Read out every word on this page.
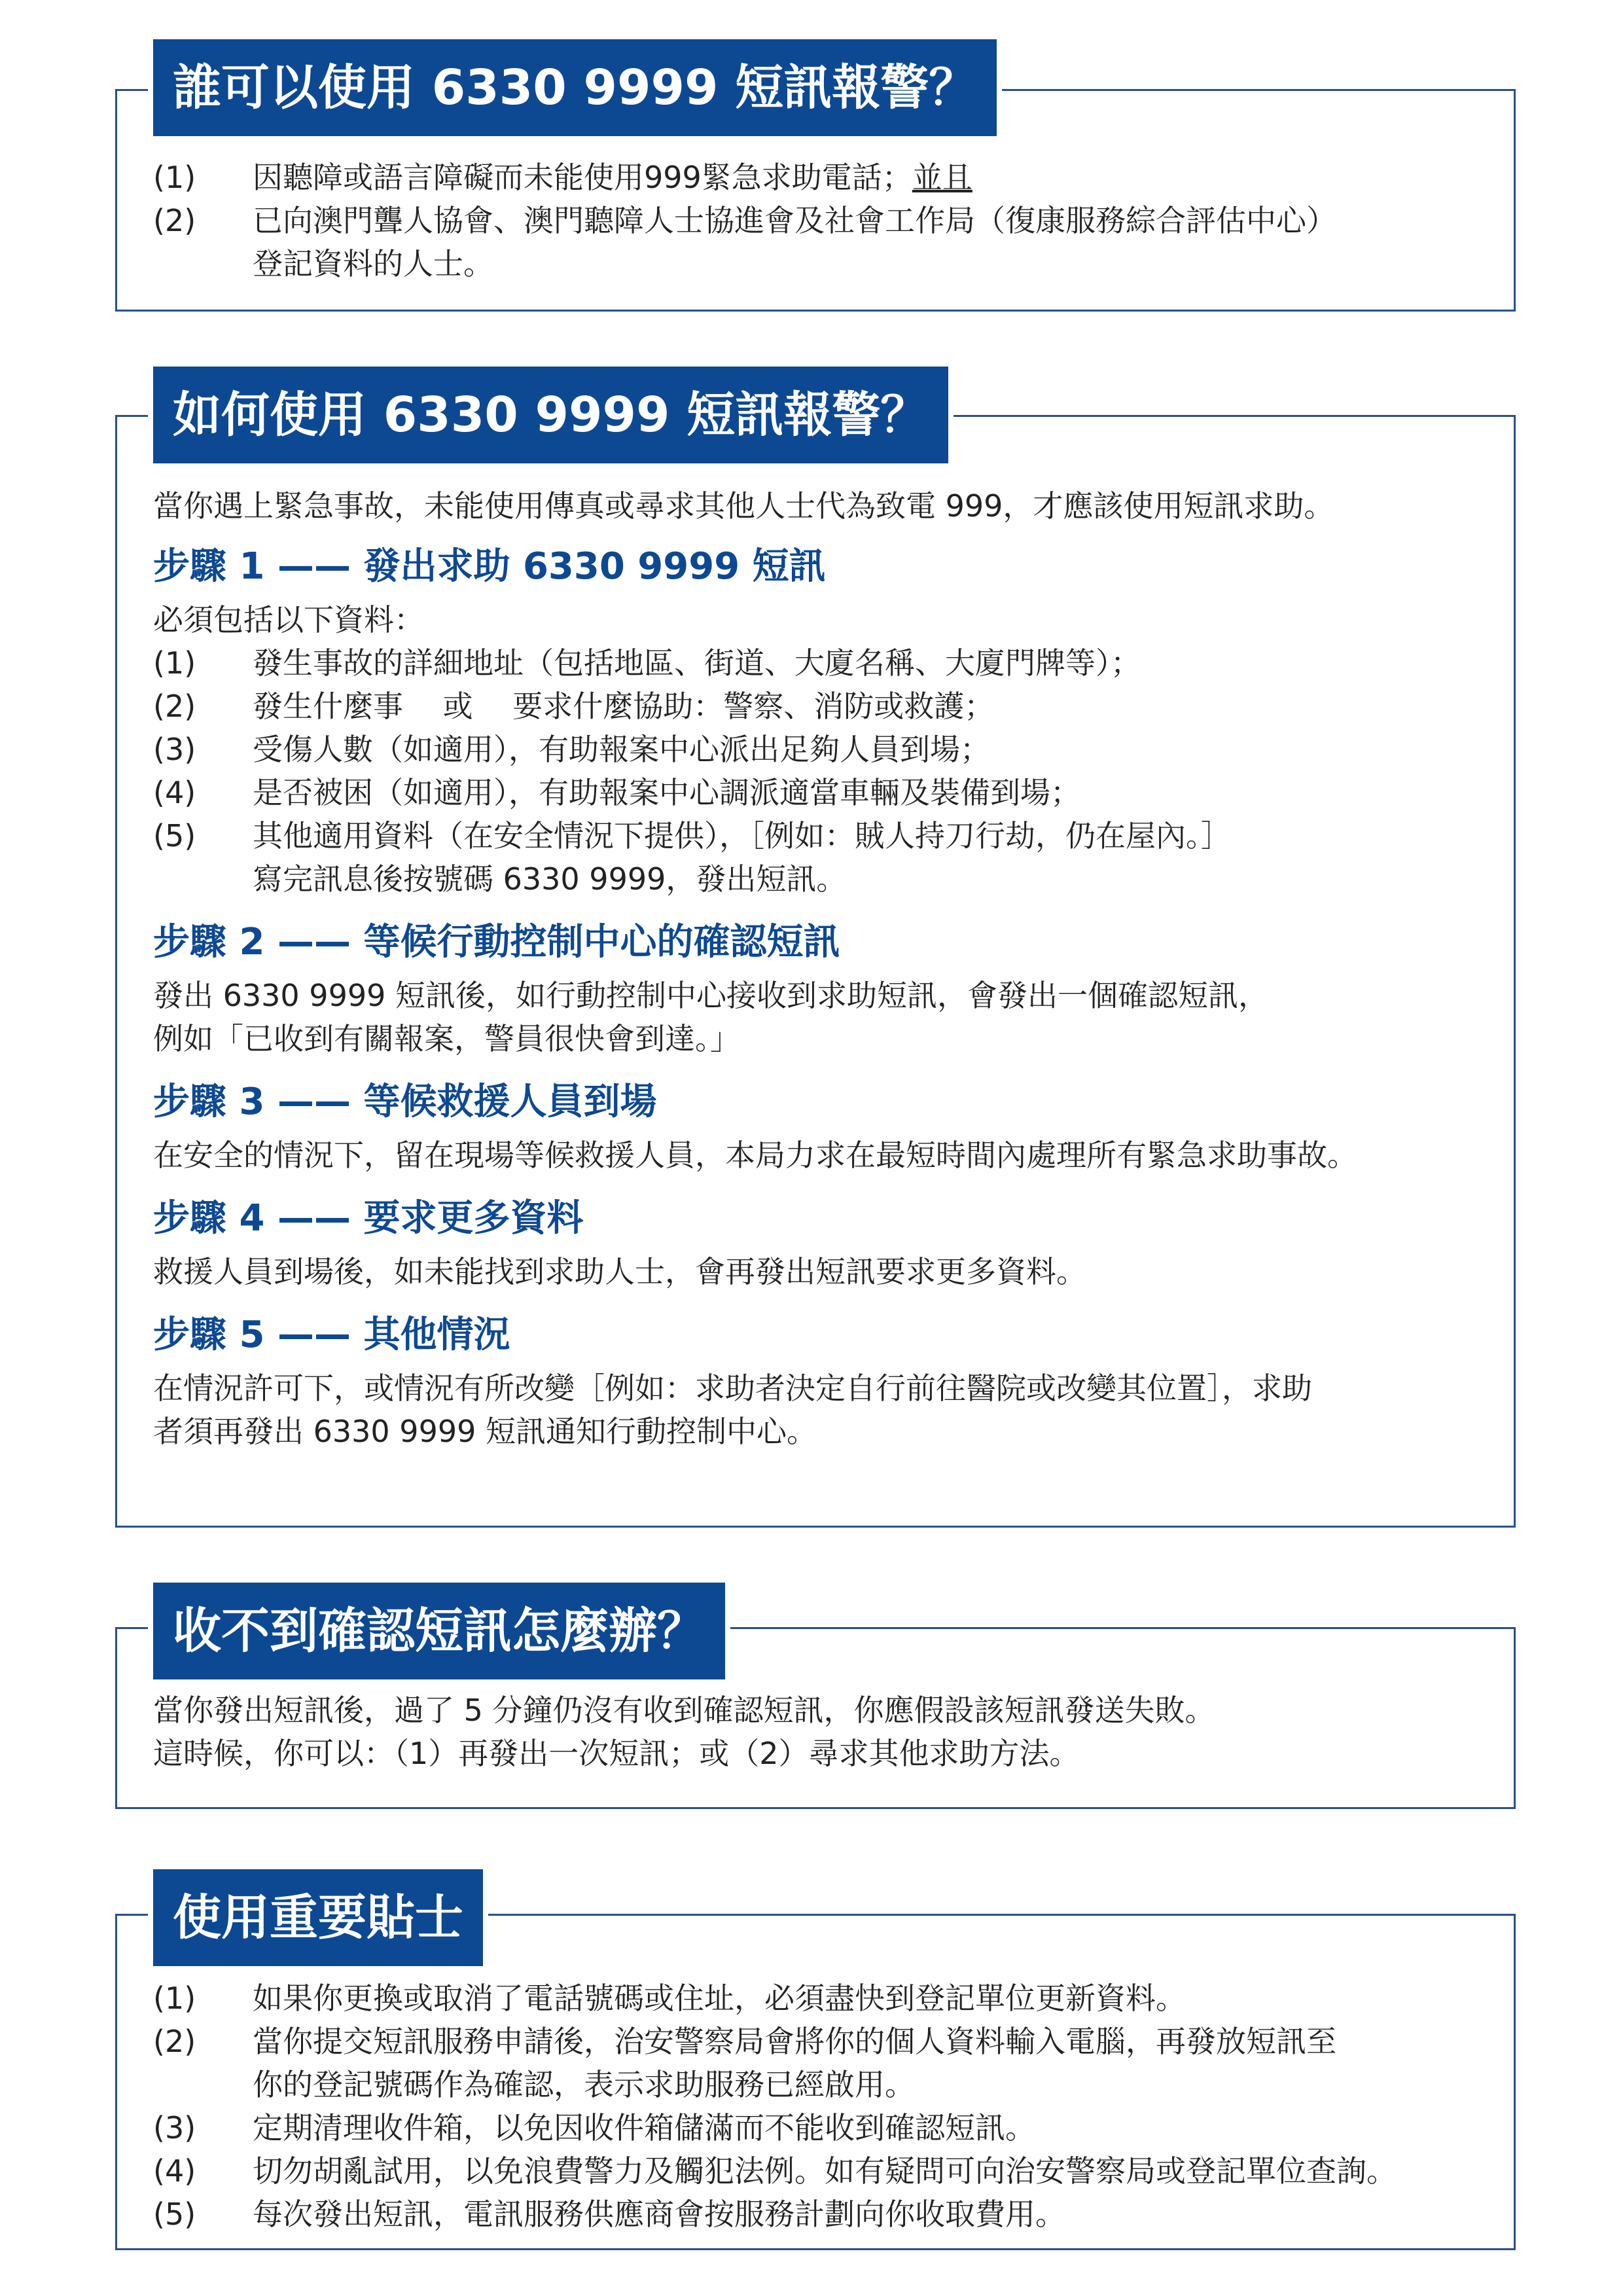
誰可以使用 6330 9999 短訊報警？
(1) 因聽障或語言障礙而未能使用999緊急求助電話；並且
(2) 已向澳門聾人協會、澳門聽障人士協進會及社會工作局（復康服務綜合評估中心）
登記資料的人士。
如何使用 6330 9999 短訊報警？
當你遇上緊急事故，未能使用傳真或尋求其他人士代為致電 999，才應該使用短訊求助。
步驟 1 —— 發出求助 6330 9999 短訊
必須包括以下資料：
(1) 發生事故的詳細地址（包括地區、街道、大廈名稱、大廈門牌等）；
(2) 發生什麼事　 或　 要求什麼協助：警察、消防或救護；
(3) 受傷人數（如適用），有助報案中心派出足夠人員到場；
(4) 是否被困（如適用），有助報案中心調派適當車輛及裝備到場；
(5) 其他適用資料（在安全情況下提供），［例如：賊人持刀行劫，仍在屋內。］
寫完訊息後按號碼 6330 9999，發出短訊。
步驟 2 —— 等候行動控制中心的確認短訊
發出 6330 9999 短訊後，如行動控制中心接收到求助短訊，會發出一個確認短訊，
例如「已收到有關報案，警員很快會到達。」
步驟 3 —— 等候救援人員到場
在安全的情況下，留在現場等候救援人員，本局力求在最短時間內處理所有緊急求助事故。
步驟 4 —— 要求更多資料
救援人員到場後，如未能找到求助人士，會再發出短訊要求更多資料。
步驟 5 —— 其他情況
在情況許可下，或情況有所改變［例如：求助者決定自行前往醫院或改變其位置］，求助
者須再發出 6330 9999 短訊通知行動控制中心。
收不到確認短訊怎麼辦？
當你發出短訊後，過了 5 分鐘仍沒有收到確認短訊，你應假設該短訊發送失敗。
這時候，你可以：（1）再發出一次短訊；或（2）尋求其他求助方法。
使用重要貼士
(1) 如果你更換或取消了電話號碼或住址，必須盡快到登記單位更新資料。
(2) 當你提交短訊服務申請後，治安警察局會將你的個人資料輸入電腦，再發放短訊至
你的登記號碼作為確認，表示求助服務已經啟用。
(3) 定期清理收件箱，以免因收件箱儲滿而不能收到確認短訊。
(4) 切勿胡亂試用，以免浪費警力及觸犯法例。如有疑問可向治安警察局或登記單位查詢。
(5) 每次發出短訊，電訊服務供應商會按服務計劃向你收取費用。
